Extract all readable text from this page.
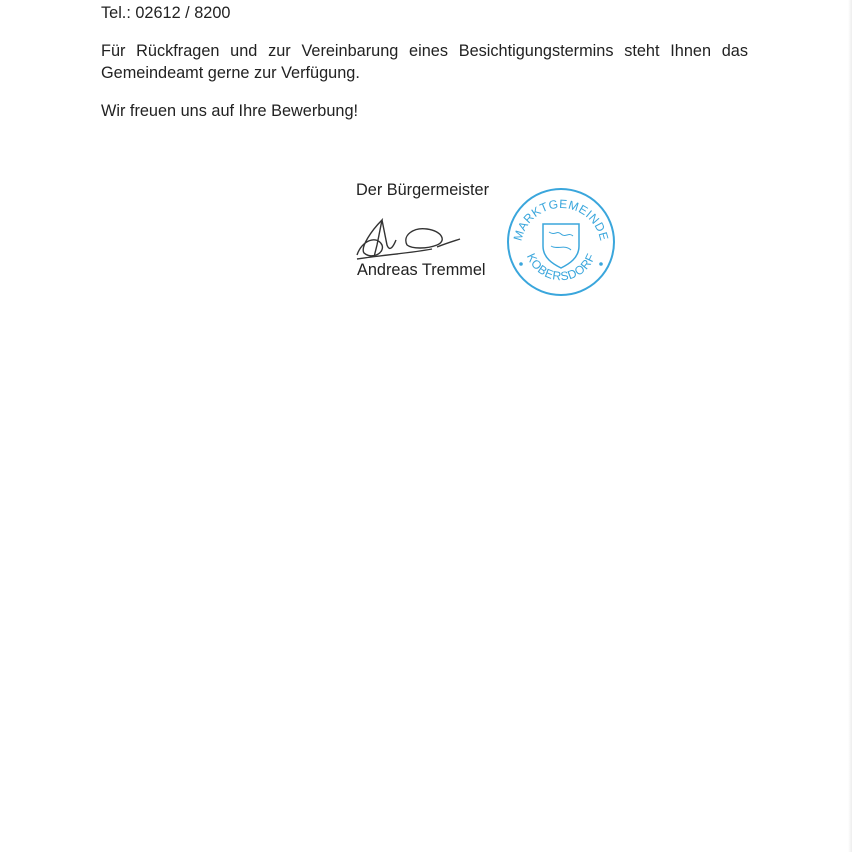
Tel.: 02612 / 8200
Für Rückfragen und zur Vereinbarung eines Besichtigungstermins steht Ihnen das Gemeindeamt gerne zur Verfügung.
Wir freuen uns auf Ihre Bewerbung!
Der Bürgermeister
Andreas Tremmel
MARKTGEMEINDE
KOBERSDORF
